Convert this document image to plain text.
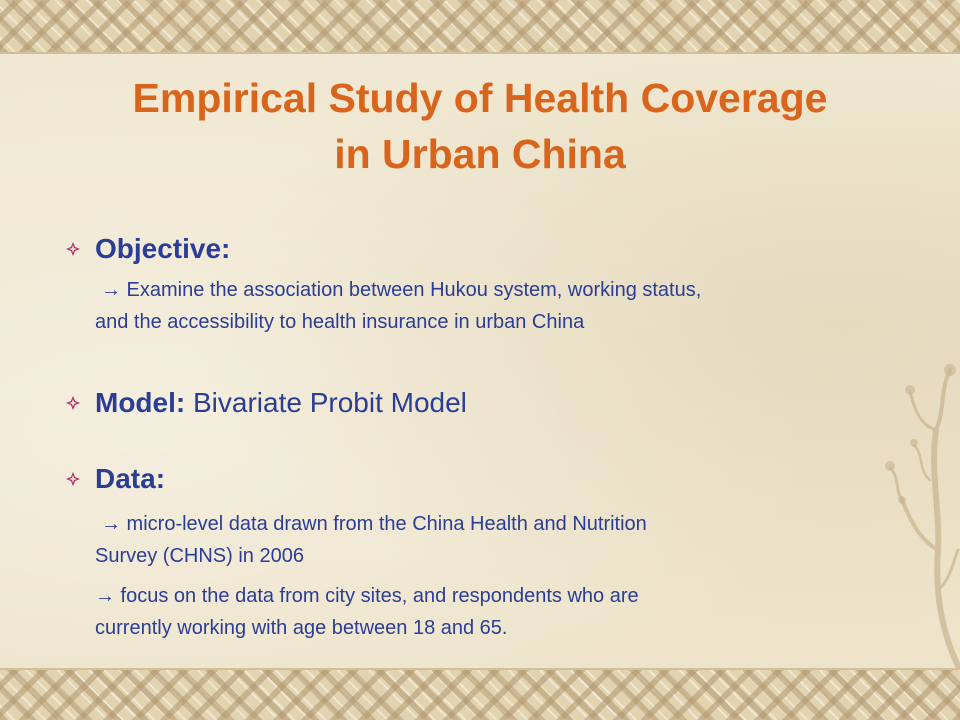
Empirical Study of Health Coverage
in Urban China
Objective:
→ Examine the association between Hukou system, working status,
and the accessibility to health insurance in urban China
Model: Bivariate Probit Model
Data:
→ micro-level data drawn from the China Health and Nutrition
Survey (CHNS) in 2006
→ focus on the data from city sites, and respondents who are
currently working with age between 18 and 65.
